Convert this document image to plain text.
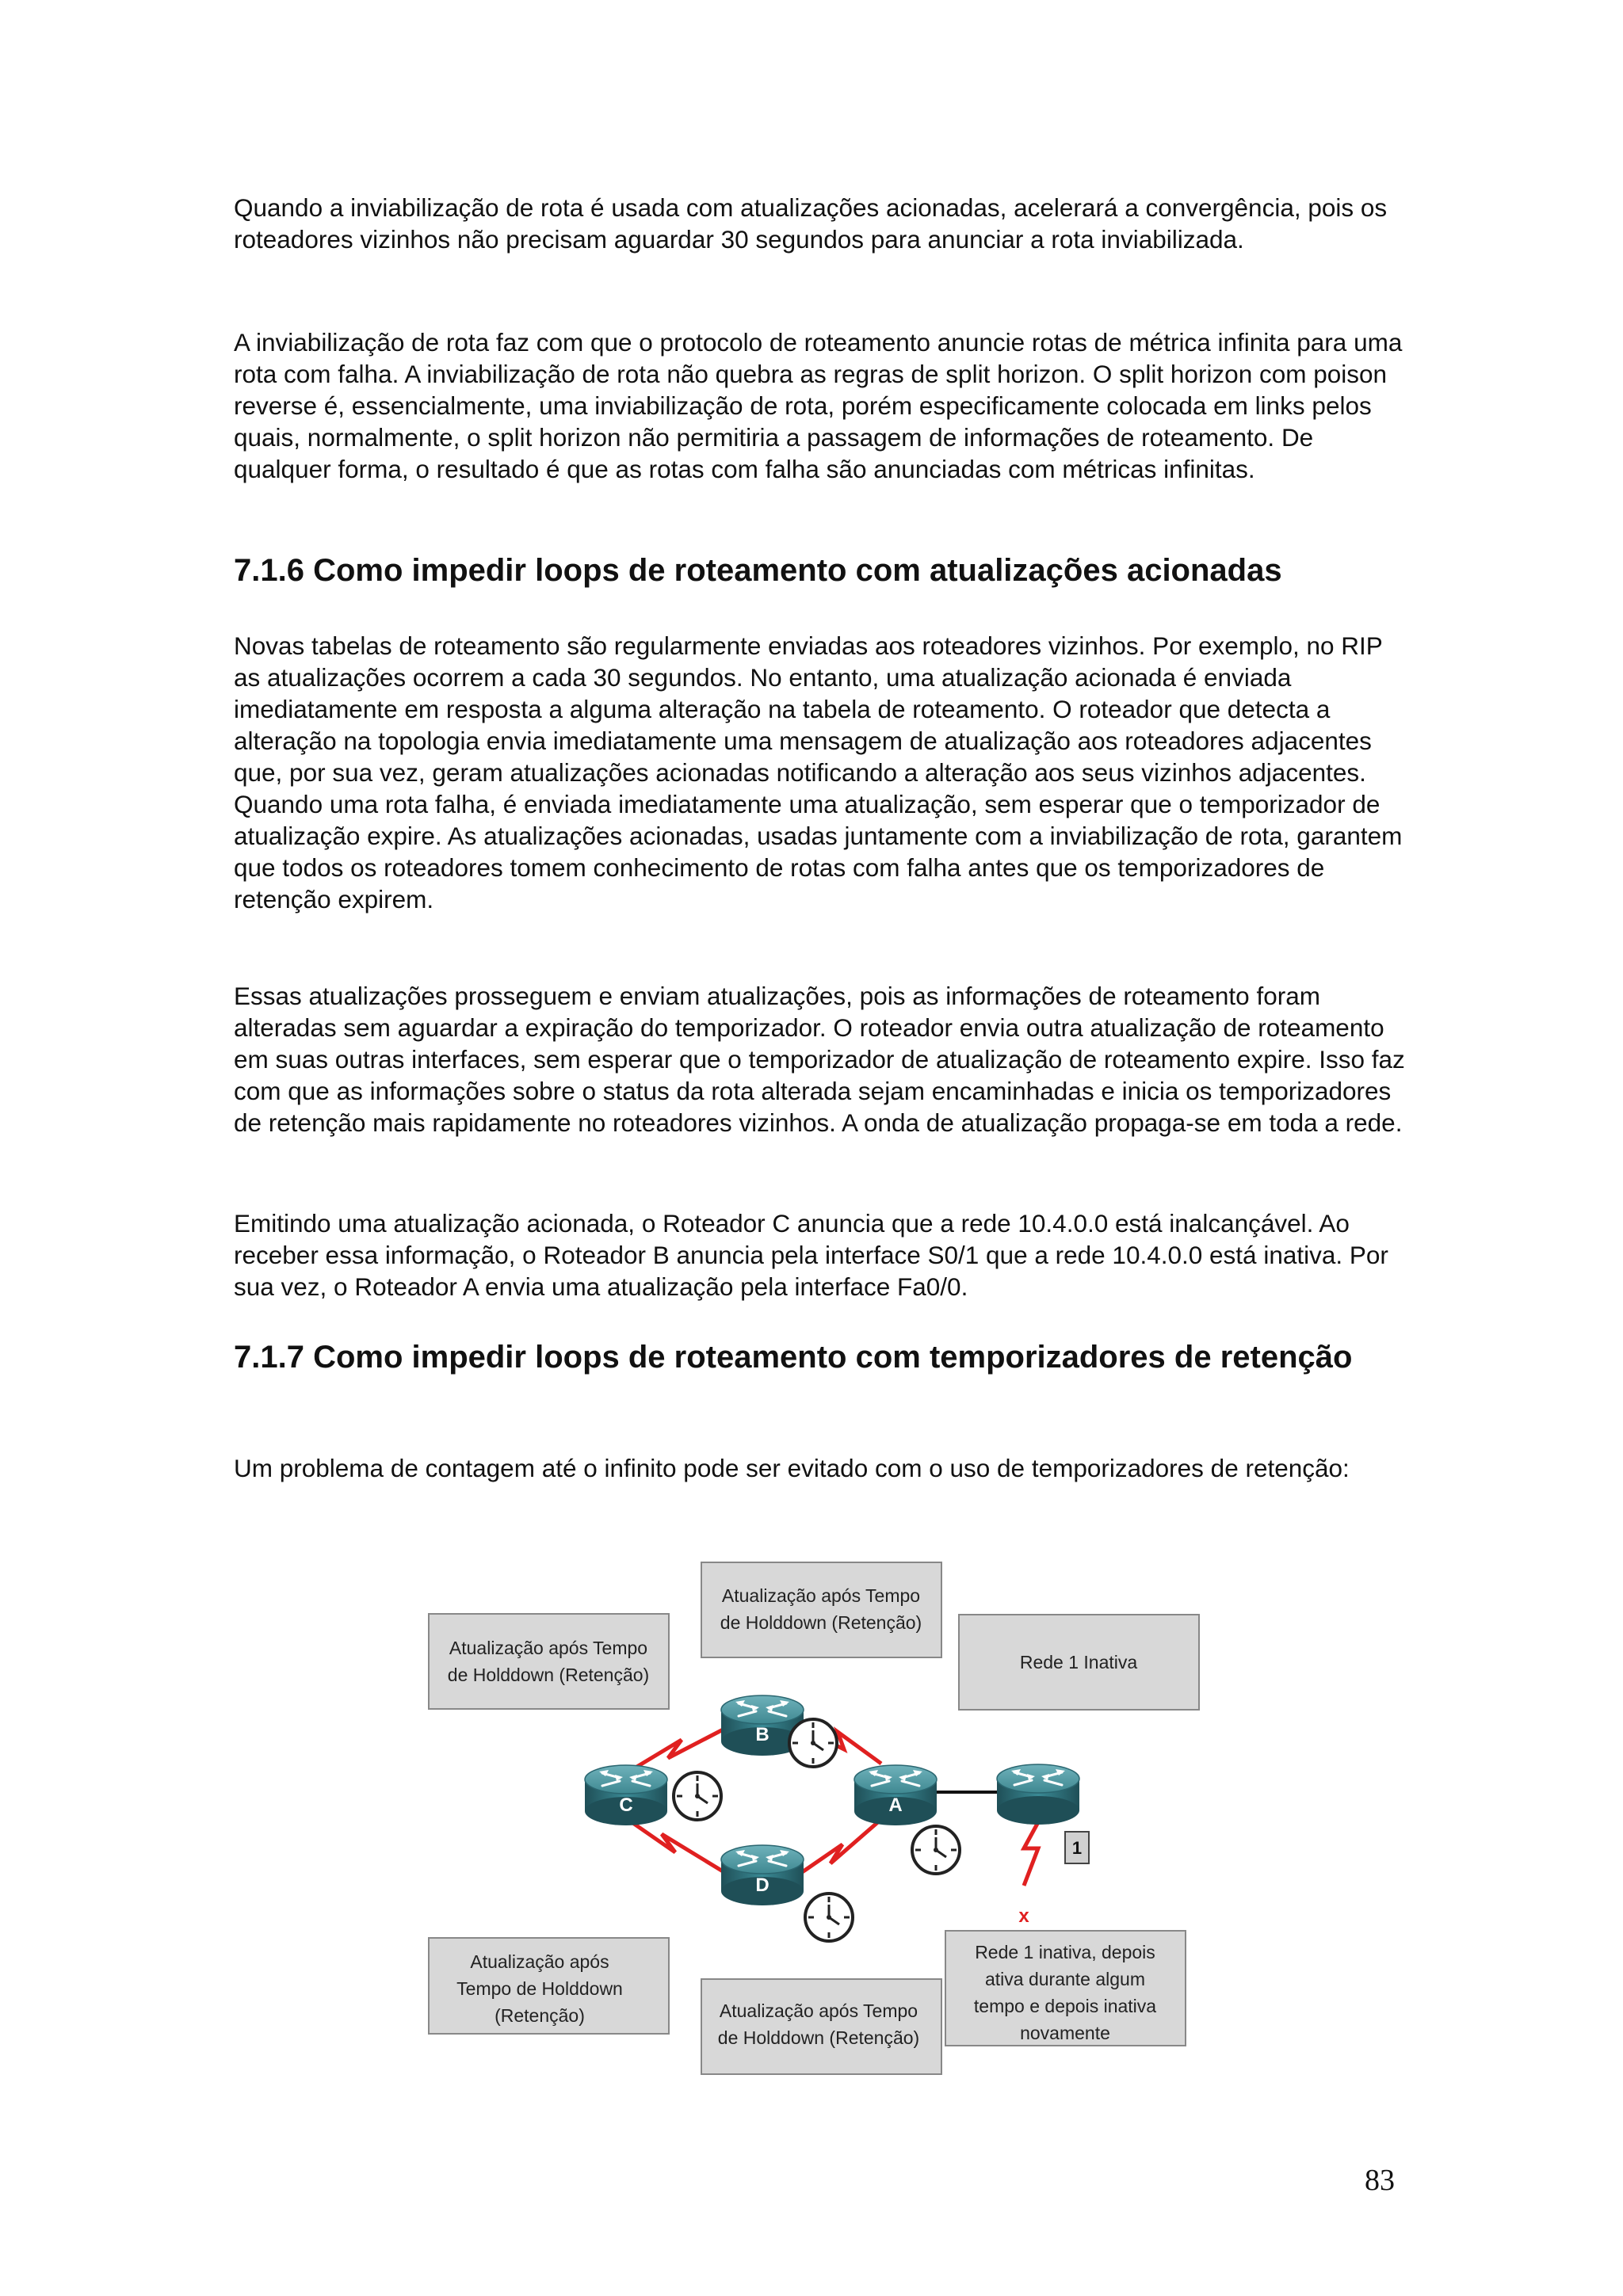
Quando a inviabilização de rota é usada com atualizações acionadas, acelerará a convergência, pois os roteadores vizinhos não precisam aguardar 30 segundos para anunciar a rota inviabilizada.

A inviabilização de rota faz com que o protocolo de roteamento anuncie rotas de métrica infinita para uma rota com falha. A inviabilização de rota não quebra as regras de split horizon. O split horizon com poison reverse é, essencialmente, uma inviabilização de rota, porém especificamente colocada em links pelos quais, normalmente, o split horizon não permitiria a passagem de informações de roteamento. De qualquer forma, o resultado é que as rotas com falha são anunciadas com métricas infinitas.

7.1.6 Como impedir loops de roteamento com atualizações acionadas

Novas tabelas de roteamento são regularmente enviadas aos roteadores vizinhos. Por exemplo, no RIP as atualizações ocorrem a cada 30 segundos. No entanto, uma atualização acionada é enviada imediatamente em resposta a alguma alteração na tabela de roteamento. O roteador que detecta a alteração na topologia envia imediatamente uma mensagem de atualização aos roteadores adjacentes que, por sua vez, geram atualizações acionadas notificando a alteração aos seus vizinhos adjacentes. Quando uma rota falha, é enviada imediatamente uma atualização, sem esperar que o temporizador de atualização expire. As atualizações acionadas, usadas juntamente com a inviabilização de rota, garantem que todos os roteadores tomem conhecimento de rotas com falha antes que os temporizadores de retenção expirem.

Essas atualizações prosseguem e enviam atualizações, pois as informações de roteamento foram alteradas sem aguardar a expiração do temporizador. O roteador envia outra atualização de roteamento em suas outras interfaces, sem esperar que o temporizador de atualização de roteamento expire. Isso faz com que as informações sobre o status da rota alterada sejam encaminhadas e inicia os temporizadores de retenção mais rapidamente no roteadores vizinhos. A onda de atualização propaga-se em toda a rede.

Emitindo uma atualização acionada, o Roteador C anuncia que a rede 10.4.0.0 está inalcançável. Ao receber essa informação, o Roteador B anuncia pela interface S0/1 que a rede 10.4.0.0 está inativa. Por sua vez, o Roteador A envia uma atualização pela interface Fa0/0.

7.1.7 Como impedir loops de roteamento com temporizadores de retenção

Um problema de contagem até o infinito pode ser evitado com o uso de temporizadores de retenção:

Atualização após Tempo
de Holddown (Retenção)
Atualização após Tempo
de Holddown (Retenção)
Rede 1 Inativa
Atualização após
Tempo de Holddown
(Retenção)	Atualização após Tempo
de Holddown (Retenção)
Rede 1 inativa, depois
ativa durante algum
tempo e depois inativa
novamente
x
B
C	A
D
1
83
